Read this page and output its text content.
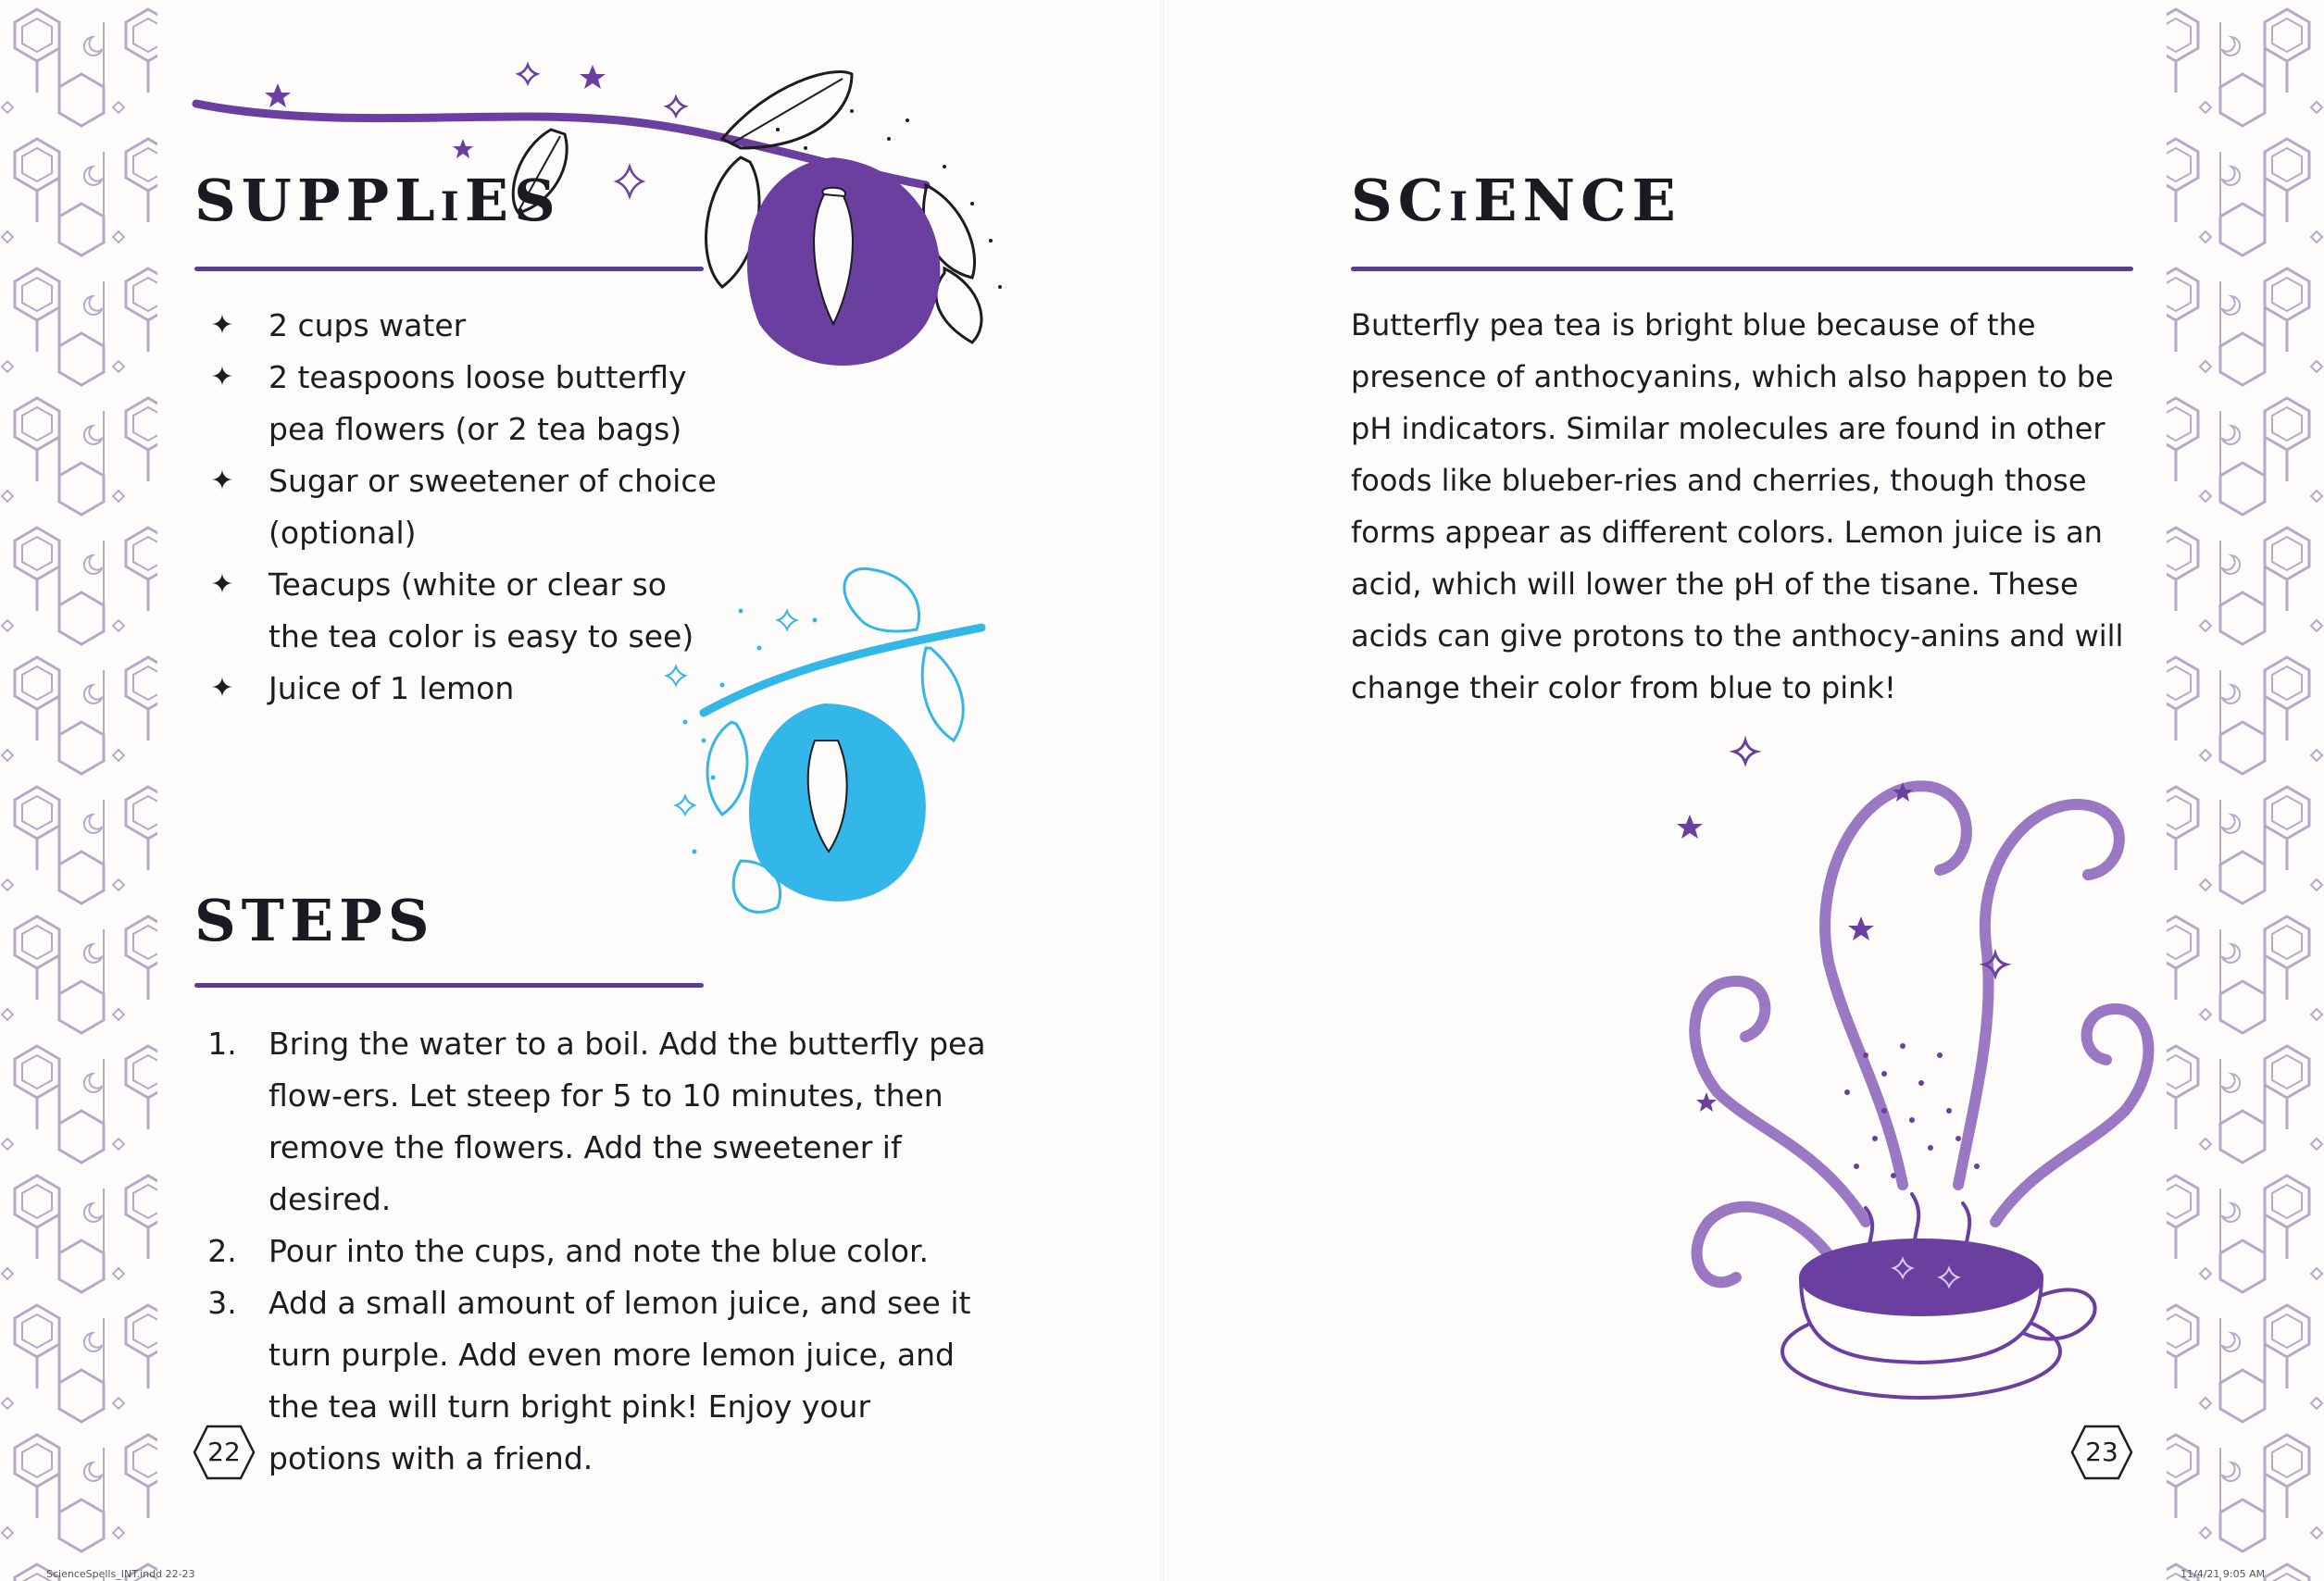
SUPPLiES
✦	2 cups water
✦	2 teaspoons loose butterfly pea flowers (or 2 tea bags)
✦	Sugar or sweetener of choice (optional)
✦	Teacups (white or clear so the tea color is easy to see)
✦	Juice of 1 lemon
STEPS
1.	Bring the water to a boil. Add the butterfly pea flow-ers. Let steep for 5 to 10 minutes, then remove the flowers. Add the sweetener if desired.
2.	Pour into the cups, and note the blue color.
3.	Add a small amount of lemon juice, and see it turn purple. Add even more lemon juice, and the tea will turn bright pink! Enjoy your potions with a friend.
22
ScienceSpells_INT.indd 22-23
SCiENCE

Butterfly pea tea is bright blue because of the presence of anthocyanins, which also happen to be pH indicators. Similar molecules are found in other foods like blueber-ries and cherries, though those forms appear as different colors. Lemon juice is an acid, which will lower the pH of the tisane. These acids can give protons to the anthocy-anins and will change their color from blue to pink!

23
11/4/21 9:05 AM
